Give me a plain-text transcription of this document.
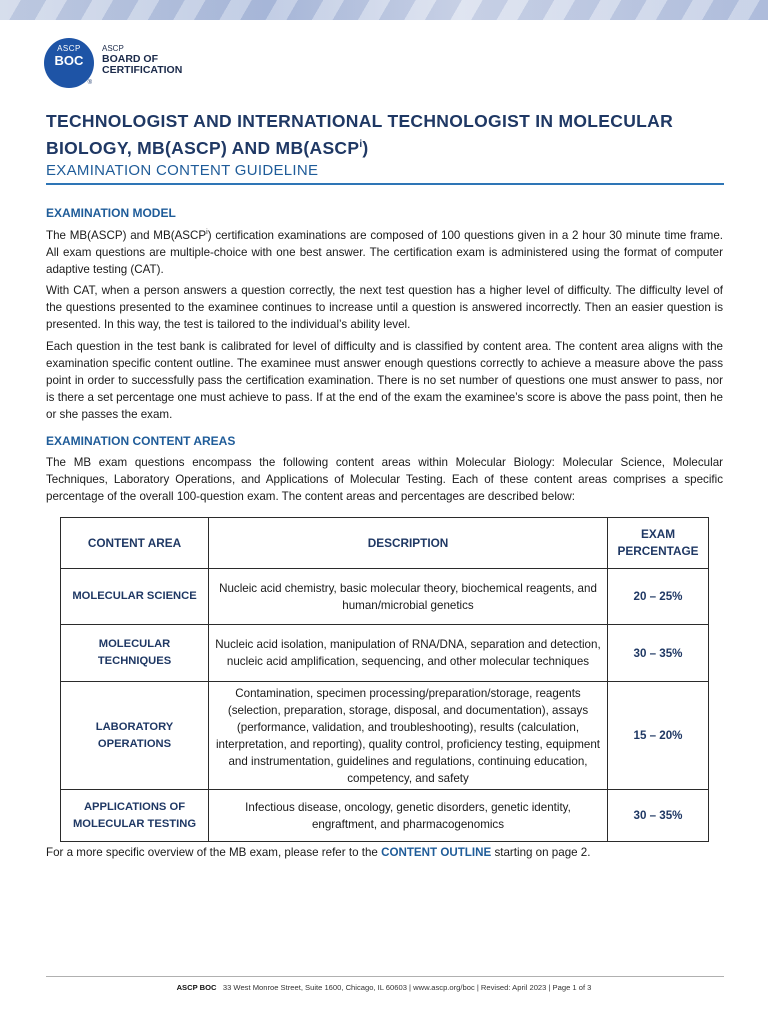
ASCP
BOC
®
ASCP
BOARD OF
CERTIFICATION
TECHNOLOGIST AND INTERNATIONAL TECHNOLOGIST IN MOLECULAR BIOLOGY, MB(ASCP) AND MB(ASCP$^i$)
EXAMINATION CONTENT GUIDELINE
EXAMINATION MODEL

The MB(ASCP) and MB(ASCP$^i$) certification examinations are composed of 100 questions given in a 2 hour 30 minute time frame. All exam questions are multiple-choice with one best answer. The certification exam is administered using the format of computer adaptive testing (CAT).

With CAT, when a person answers a question correctly, the next test question has a higher level of difficulty. The difficulty level of the questions presented to the examinee continues to increase until a question is answered incorrectly. Then an easier question is presented. In this way, the test is tailored to the individual’s ability level.

Each question in the test bank is calibrated for level of difficulty and is classified by content area. The content area aligns with the examination specific content outline. The examinee must answer enough questions correctly to achieve a measure above the pass point in order to successfully pass the certification examination. There is no set number of questions one must answer to pass, nor is there a set percentage one must achieve to pass. If at the end of the exam the examinee’s score is above the pass point, then he or she passes the exam.

EXAMINATION CONTENT AREAS

The MB exam questions encompass the following content areas within Molecular Biology: Molecular Science, Molecular Techniques, Laboratory Operations, and Applications of Molecular Testing. Each of these content areas comprises a specific percentage of the overall 100-question exam. The content areas and percentages are described below:

CONTENT AREA	DESCRIPTION	EXAM PERCENTAGE
MOLECULAR SCIENCE	Nucleic acid chemistry, basic molecular theory, biochemical reagents, and human/microbial genetics	20 – 25%
MOLECULAR TECHNIQUES	Nucleic acid isolation, manipulation of RNA/DNA, separation and detection, nucleic acid amplification, sequencing, and other molecular techniques	30 – 35%
LABORATORY OPERATIONS	Contamination, specimen processing/preparation/storage, reagents (selection, preparation, storage, disposal, and documentation), assays (performance, validation, and troubleshooting), results (calculation, interpretation, and reporting), quality control, proficiency testing, equipment and instrumentation, guidelines and regulations, continuing education, competency, and safety	15 – 20%
APPLICATIONS OF MOLECULAR TESTING	Infectious disease, oncology, genetic disorders, genetic identity, engraftment, and pharmacogenomics	30 – 35%
For a more specific overview of the MB exam, please refer to the CONTENT OUTLINE starting on page 2.
ASCP BOC 33 West Monroe Street, Suite 1600, Chicago, IL 60603 | www.ascp.org/boc | Revised: April 2023 | Page 1 of 3
